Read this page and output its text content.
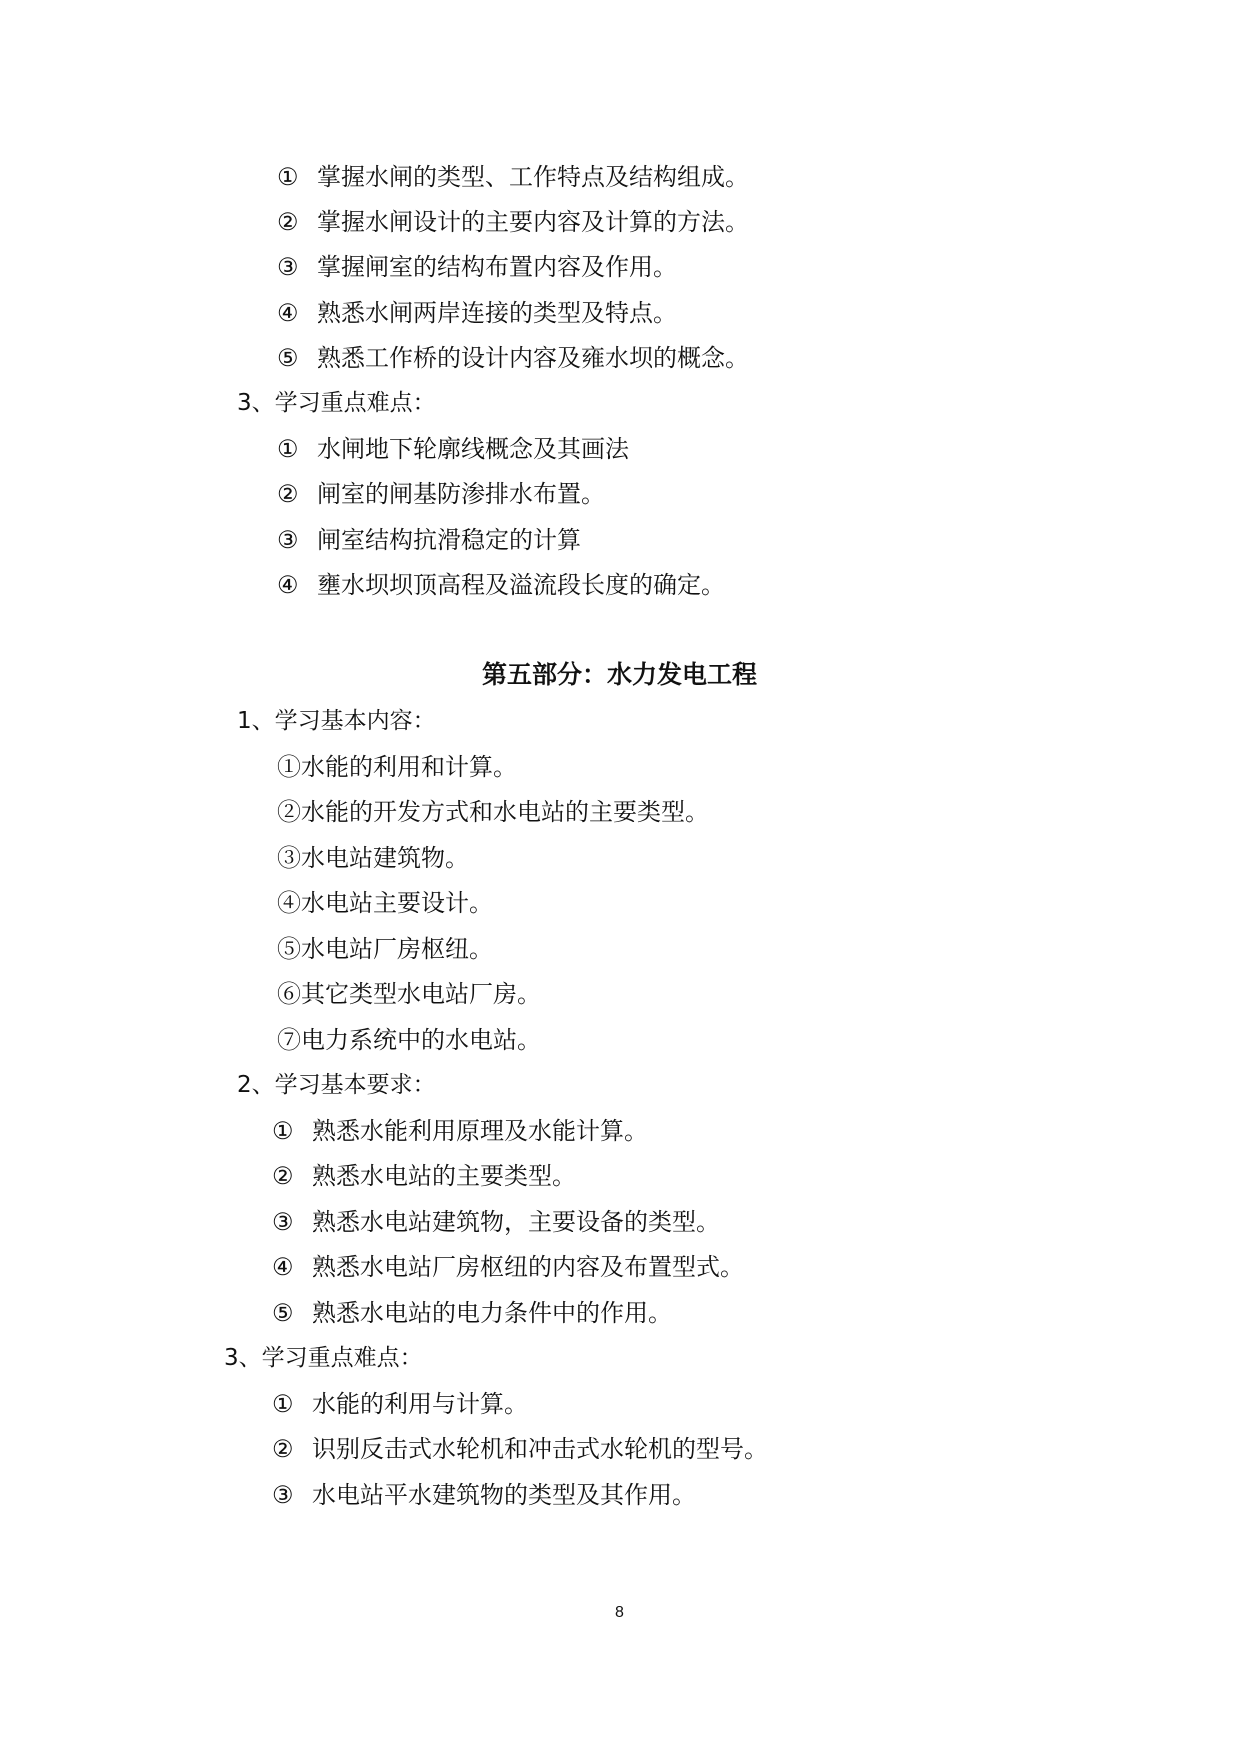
① 掌握水闸的类型、工作特点及结构组成。
② 掌握水闸设计的主要内容及计算的方法。
③ 掌握闸室的结构布置内容及作用。
④ 熟悉水闸两岸连接的类型及特点。
⑤ 熟悉工作桥的设计内容及雍水坝的概念。
3、学习重点难点：
① 水闸地下轮廓线概念及其画法
② 闸室的闸基防渗排水布置。
③ 闸室结构抗滑稳定的计算
④ 壅水坝坝顶高程及溢流段长度的确定。
第五部分：水力发电工程
1、学习基本内容：
①水能的利用和计算。
②水能的开发方式和水电站的主要类型。
③水电站建筑物。
④水电站主要设计。
⑤水电站厂房枢纽。
⑥其它类型水电站厂房。
⑦电力系统中的水电站。
2、学习基本要求：
① 熟悉水能利用原理及水能计算。
② 熟悉水电站的主要类型。
③ 熟悉水电站建筑物，主要设备的类型。
④ 熟悉水电站厂房枢纽的内容及布置型式。
⑤ 熟悉水电站的电力条件中的作用。
3、学习重点难点：
① 水能的利用与计算。
② 识别反击式水轮机和冲击式水轮机的型号。
③ 水电站平水建筑物的类型及其作用。
8
